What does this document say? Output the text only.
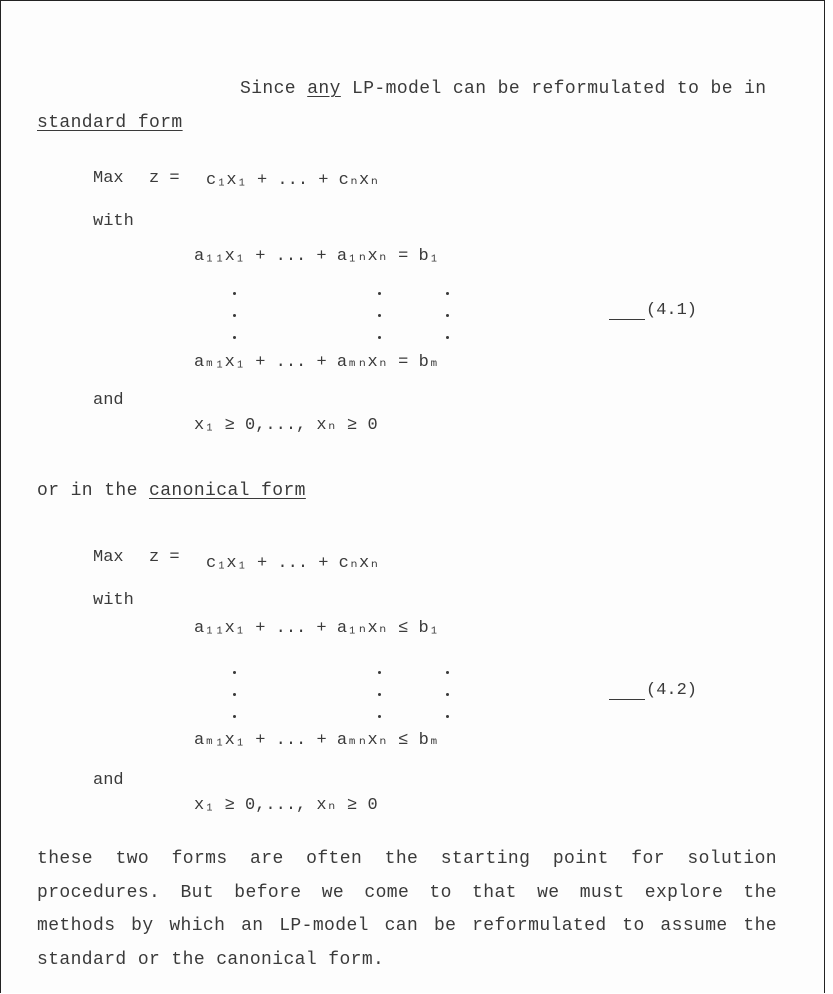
Since any LP-model can be reformulated to be in
standard form
Max z = c₁x₁ + ... + cₙxₙ
with
a₁₁x₁ + ... + a₁ₙxₙ = b₁
(4.1)
aₘ₁x₁ + ... + aₘₙxₙ = bₘ
and
x₁ ≥ 0,..., xₙ ≥ 0
or in the canonical form
Max z = c₁x₁ + ... + cₙxₙ
with
a₁₁x₁ + ... + a₁ₙxₙ ≤ b₁
(4.2)
aₘ₁x₁ + ... + aₘₙxₙ ≤ bₘ
and
x₁ ≥ 0,..., xₙ ≥ 0
these two forms are often the starting point for solution
procedures. But before we come to that we must explore the
methods by which an LP-model can be reformulated to assume the
standard or the canonical form.
